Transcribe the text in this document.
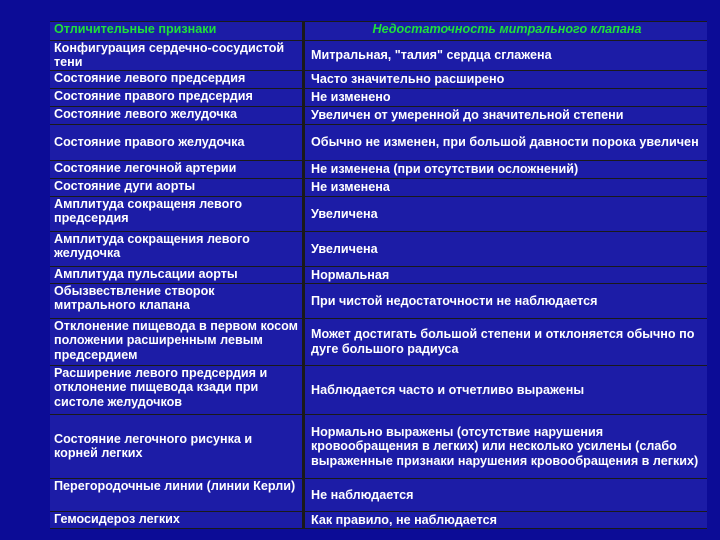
Отличительные признаки	Недостаточность митрального клапана
Конфигурация сердечно-сосудистой тени	Митральная, "талия" сердца сглажена
Состояние левого предсердия	Часто значительно расширено
Состояние правого предсердия	Не изменено
Состояние левого желудочка	Увеличен от умеренной до значительной степени
Состояние правого желудочка	Обычно не изменен, при большой давности порока увеличен
Состояние легочной артерии	Не изменена (при отсутствии осложнений)
Состояние дуги аорты	Не изменена
Амплитуда сокращеня левого предсердия	Увеличена
Амплитуда сокращения левого желудочка	Увеличена
Амплитуда пульсации аорты	Нормальная
Обызвествление створок митрального клапана	При чистой недостаточности не наблюдается
Отклонение пищевода в первом косом положении расширенным левым предсердием	Может достигать большой степени и отклоняется обычно по дуге большого радиуса
Расширение левого предсердия и отклонение пищевода кзади при систоле желудочков	Наблюдается часто и отчетливо выражены
Состояние легочного рисунка и корней легких	Нормально выражены (отсутствие нарушения кровообращения в легких) или несколько усилены (слабо выраженные признаки нарушения кровообращения в легких)
Перегородочные линии (линии Керли)	Не наблюдается
Гемосидероз легких	Как правило, не наблюдается
